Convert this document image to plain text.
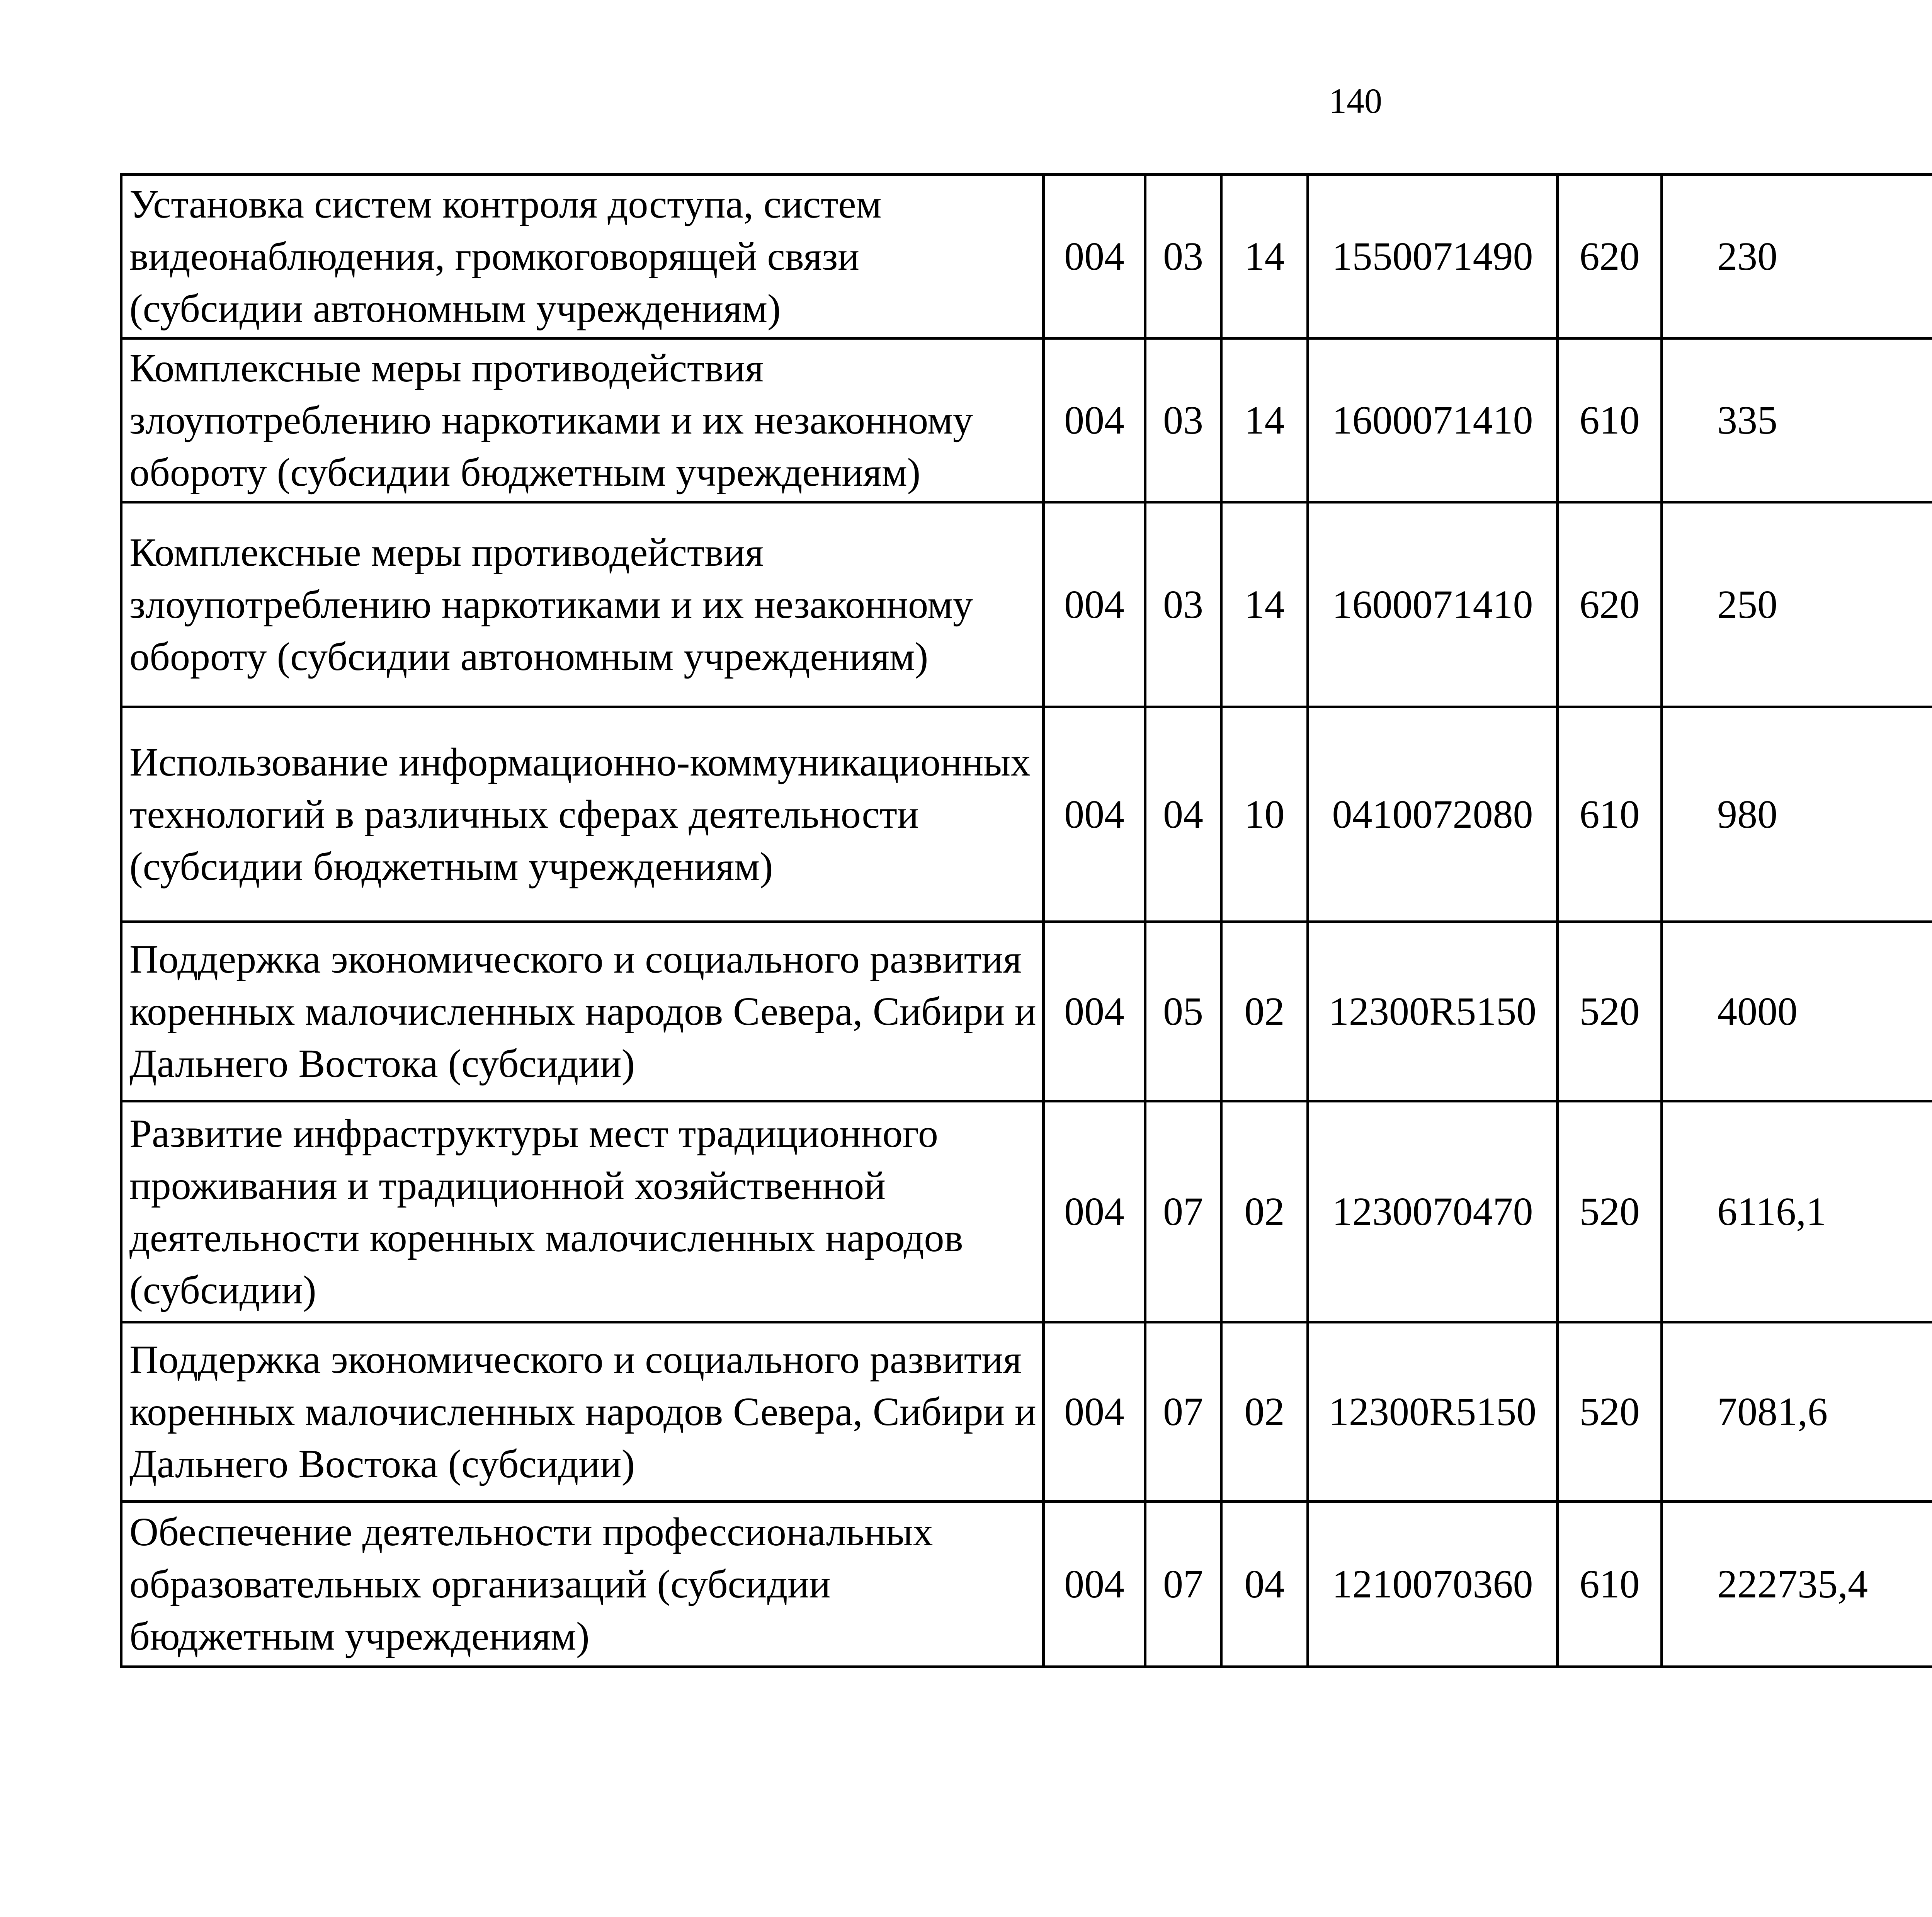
140
Установка систем контроля доступа, систем видеонаблюдения, громкоговорящей связи (субсидии автономным учреждениям)	004	03	14	1550071490	620	230		
Комплексные меры противодействия злоупотреблению наркотиками и их незаконному обороту (субсидии бюджетным учреждениям)	004	03	14	1600071410	610	335		
Комплексные меры противодействия злоупотреблению наркотиками и их незаконному обороту (субсидии автономным учреждениям)	004	03	14	1600071410	620	250		
Использование информационно-коммуникационных технологий в различных сферах деятельности (субсидии бюджетным учреждениям)	004	04	10	0410072080	610	980		
Поддержка экономического и социального развития коренных малочисленных народов Севера, Сибири и Дальнего Востока (субсидии)	004	05	02	12300R5150	520	4000		
Развитие инфраструктуры мест традиционного проживания и традиционной хозяйственной деятельности коренных малочисленных народов (субсидии)	004	07	02	1230070470	520	6116,1		
Поддержка экономического и социального развития коренных малочисленных народов Севера, Сибири и Дальнего Востока (субсидии)	004	07	02	12300R5150	520	7081,6		
Обеспечение деятельности профессиональных образовательных организаций (субсидии бюджетным учреждениям)	004	07	04	1210070360	610	222735,4		
